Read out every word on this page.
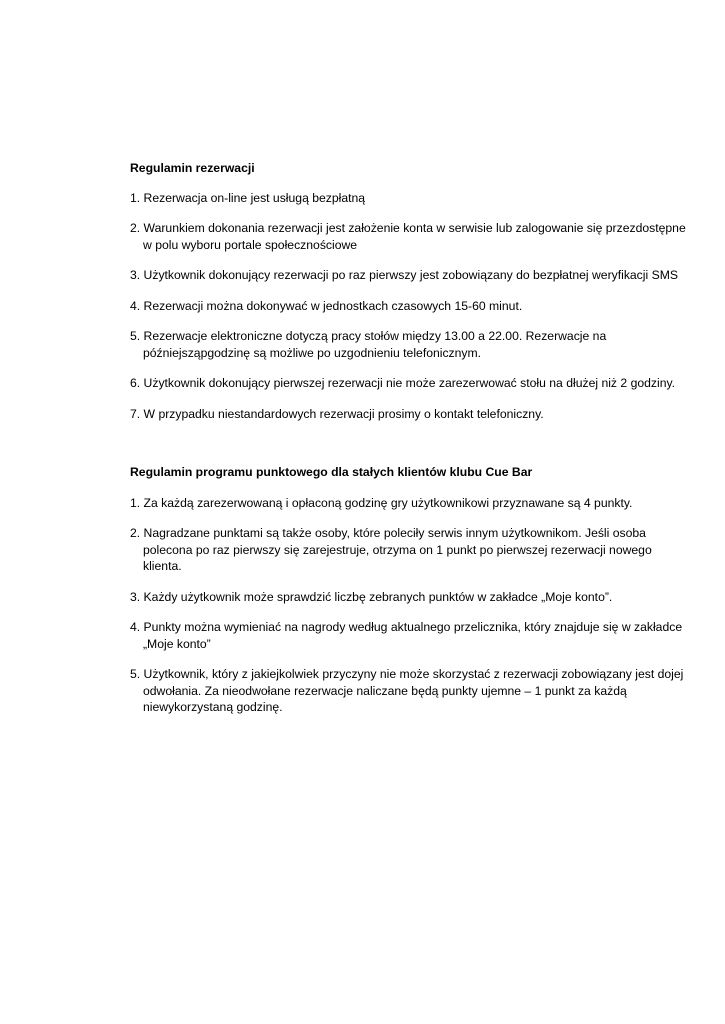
Regulamin rezerwacji

1. Rezerwacja on-line jest usługą bezpłatną

2. Warunkiem dokonania rezerwacji jest założenie konta w serwisie lub zalogowanie się przezdostępne w polu wyboru portale społecznościowe

3. Użytkownik dokonujący rezerwacji po raz pierwszy jest zobowiązany do bezpłatnej weryfikacji SMS

4. Rezerwacji można dokonywać w jednostkach czasowych 15-60 minut.

5. Rezerwacje elektroniczne dotyczą pracy stołów między 13.00 a 22.00. Rezerwacje na późniejsząpgodzinę są możliwe po uzgodnieniu telefonicznym.

6. Użytkownik dokonujący pierwszej rezerwacji nie może zarezerwować stołu na dłużej niż 2 godziny.

7. W przypadku niestandardowych rezerwacji prosimy o kontakt telefoniczny.

Regulamin programu punktowego dla stałych klientów klubu Cue Bar

1. Za każdą zarezerwowaną i opłaconą godzinę gry użytkownikowi przyznawane są 4 punkty.

2. Nagradzane punktami są także osoby, które poleciły serwis innym użytkownikom. Jeśli osoba polecona po raz pierwszy się zarejestruje, otrzyma on 1 punkt po pierwszej rezerwacji nowego klienta.

3. Każdy użytkownik może sprawdzić liczbę zebranych punktów w zakładce „Moje konto”.

4. Punkty można wymieniać na nagrody według aktualnego przelicznika, który znajduje się w zakładce „Moje konto”

5. Użytkownik, który z jakiejkolwiek przyczyny nie może skorzystać z rezerwacji zobowiązany jest dojej odwołania. Za nieodwołane rezerwacje naliczane będą punkty ujemne – 1 punkt za każdą niewykorzystaną godzinę.
